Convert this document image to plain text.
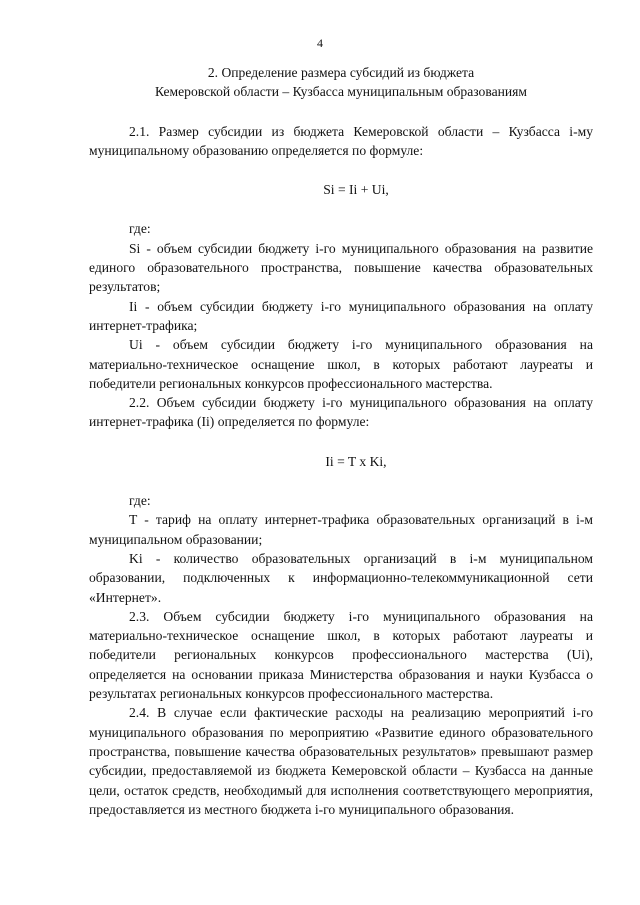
4

2. Определение размера субсидий из бюджета
Кемеровской области – Кузбасса муниципальным образованиям

2.1. Размер субсидии из бюджета Кемеровской области – Кузбасса i-му муниципальному образованию определяется по формуле:

Si = Ii + Ui,

где:

Si - объем субсидии бюджету i-го муниципального образования на развитие единого образовательного пространства, повышение качества образовательных результатов;

Ii - объем субсидии бюджету i-го муниципального образования на оплату интернет-трафика;

Ui - объем субсидии бюджету i-го муниципального образования на материально-техническое оснащение школ, в которых работают лауреаты и победители региональных конкурсов профессионального мастерства.

2.2. Объем субсидии бюджету i-го муниципального образования на оплату интернет-трафика (Ii) определяется по формуле:

Ii = T x Ki,

где:

T - тариф на оплату интернет-трафика образовательных организаций в i-м муниципальном образовании;

Ki - количество образовательных организаций в i-м муниципальном образовании, подключенных к информационно-телекоммуникационной сети «Интернет».

2.3. Объем субсидии бюджету i-го муниципального образования на материально-техническое оснащение школ, в которых работают лауреаты и победители региональных конкурсов профессионального мастерства (Ui), определяется на основании приказа Министерства образования и науки Кузбасса о результатах региональных конкурсов профессионального мастерства.

2.4. В случае если фактические расходы на реализацию мероприятий i-го муниципального образования по мероприятию «Развитие единого образовательного пространства, повышение качества образовательных результатов» превышают размер субсидии, предоставляемой из бюджета Кемеровской области – Кузбасса на данные цели, остаток средств, необходимый для исполнения соответствующего мероприятия, предоставляется из местного бюджета i-го муниципального образования.
